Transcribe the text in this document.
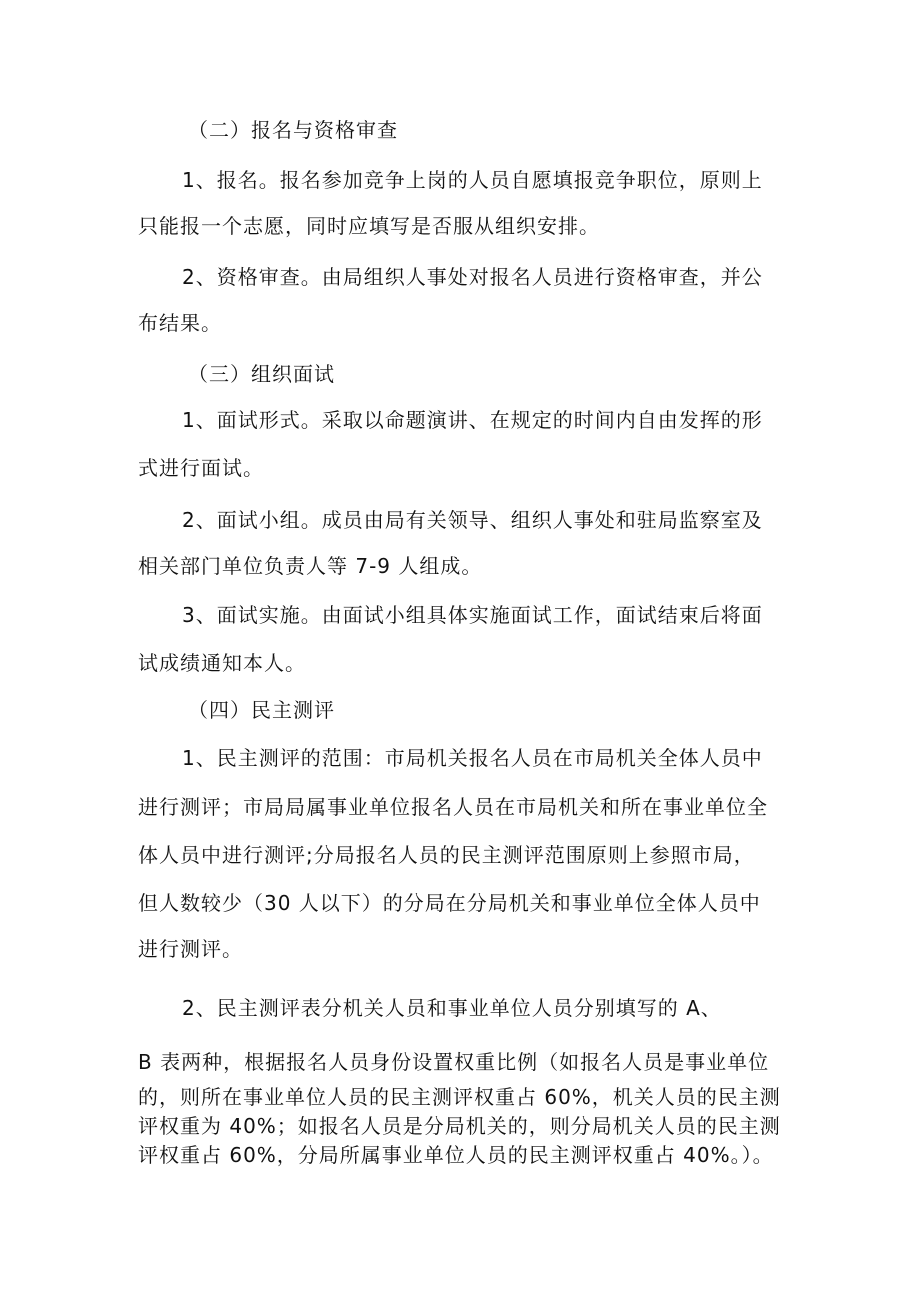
（二）报名与资格审查
1、报名。报名参加竞争上岗的人员自愿填报竞争职位，原则上
只能报一个志愿，同时应填写是否服从组织安排。
2、资格审查。由局组织人事处对报名人员进行资格审查，并公
布结果。
（三）组织面试
1、面试形式。采取以命题演讲、在规定的时间内自由发挥的形
式进行面试。
2、面试小组。成员由局有关领导、组织人事处和驻局监察室及
相关部门单位负责人等 7-9 人组成。
3、面试实施。由面试小组具体实施面试工作，面试结束后将面
试成绩通知本人。
（四）民主测评
1、民主测评的范围：市局机关报名人员在市局机关全体人员中
进行测评；市局局属事业单位报名人员在市局机关和所在事业单位全
体人员中进行测评;分局报名人员的民主测评范围原则上参照市局，
但人数较少（30 人以下）的分局在分局机关和事业单位全体人员中
进行测评。
2、民主测评表分机关人员和事业单位人员分别填写的 A、
B 表两种，根据报名人员身份设置权重比例（如报名人员是事业单位
的，则所在事业单位人员的民主测评权重占 60%，机关人员的民主测
评权重为 40%；如报名人员是分局机关的，则分局机关人员的民主测
评权重占 60%，分局所属事业单位人员的民主测评权重占 40%。）。
